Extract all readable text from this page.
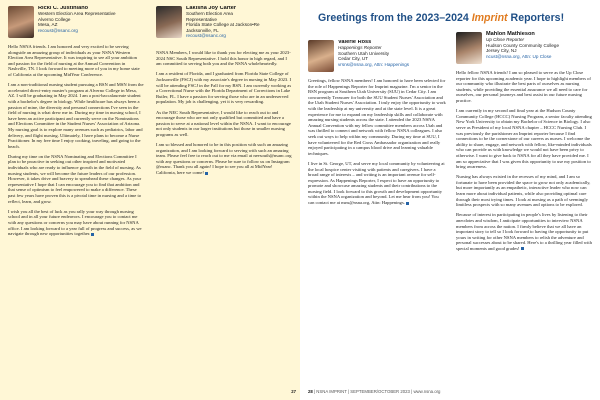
Ricki C. Justiniano
Western Election Area Representative
Alverno College
Mesa, AZ
recoust@nsanc.org

Hello NSNA friends. I am honored and very excited to be serving alongside an amazing group of individuals as your NSNA Western Election Area Representative. It was inspiring to see all your ambition and passion for the field of nursing at the Annual Convention in Nashville, TN. I look forward to meeting more of you in my home state of California at the upcoming MidYear Conference.

I am a non-traditional nursing student pursuing a BSN and MSN from the accelerated direct-entry master's program at Alverno College in Mesa, AZ. I will be graduating in May 2024. I am a post-baccalaureate student with a bachelor's degree in biology. While healthcare has always been a passion of mine, the diversity and personal connections I've seen in the field of nursing is what drew me in. During my time in nursing school, I have been an active participant and currently serve on the Nominations and Elections Committee in the Student Nurses' Association of Arizona. My nursing goal is to explore many avenues such as pediatrics, labor and delivery, and flight nursing. Ultimately, I have plans to become a Nurse Practitioner. In my free time I enjoy cooking, traveling, and going to the beach.

During my time on the NSNA Nominating and Elections Committee I plan to be proactive in seeking out other inspired and motivated individuals who are ready to influence growth in the field of nursing. As nursing students, we will become the future leaders of our profession. However, it takes drive and bravery to spearhead these changes. As your representative I hope that I can encourage you to find that ambition and that sense of optimism to feel empowered to make a difference. These past few years have proven this is a pivotal time in nursing and a time to reflect, learn, and grow.

I wish you all the best of luck as you rally your way through nursing school and in all your future endeavors. I encourage you to contact me with any questions or concerns you may have about running for NSNA office. I am looking forward to a year full of progress and success, as we navigate through new opportunities together.

Lakisha Joy Carter
Southern Election Area
Representative
Florida State College at Jackson•Re
Jacksonville, FL
recoust@nsanc.org

NSNA Members, I would like to thank you for electing me as your 2023-2024 NSC South Representative. I hold this honor in high regard, and I am committed to serving both you and the NSNA wholeheartedly.

I am a resident of Florida, and I graduated from Florida State College of Jacksonville (FSCJ) with my associate's degree in nursing in May 2023. I will be attending FSCJ in the Fall for my BSN. I am currently working as a Correctional Nurse with the Florida Department of Corrections in Lake Butler, FL. I have a passion for serving those who are in an underserved population. My job is challenging, yet it is very rewarding.

As the NEC South Representative, I would like to reach out to and encourage those who are not only qualified but committed and have a passion to serve at a national level within the NSNA. I want to encourage not only students in our larger institutions but those in smaller nursing programs as well.

I am so blessed and honored to be in this position with such an amazing organization, and I am looking forward to serving with such an amazing team. Please feel free to reach out to me via email at neesouth@nsanc.org with any questions or concerns. Please be sure to follow us on Instagram @nsanc. Thank you all again! I hope to see you all at MidYear! California, here we come!

27
Greetings from the 2023–2024 Imprint Reporters!
Valerie Ross
Happenings Reporter
Southern Utah University
Cedar City, UT
vrsns@nsna.org, Attn: Happenings

Greetings, fellow NSNA members! I am honored to have been selected for the role of Happenings Reporter for Imprint magazine. I'm a senior in the BSN program at Southern Utah University (SUU) in Cedar City. I am concurrently Treasurer for both the SUU Student Nurses' Association and the Utah Student Nurses' Association. I truly enjoy the opportunity to work with the leadership at my university and at the state level. It is a great experience for me to expand on my leadership skills and collaborate with amazing nursing students across the state. I attended the 2023 NSNA Annual Convention with my fellow committee members across Utah and was thrilled to connect and network with fellow NSNA colleagues. I also seek out ways to help within my community. During my time at SUU, I have volunteered for the Red Cross Ambassador organization and really enjoyed participating in a campus blood drive and learning valuable techniques.

I live in St. George, UT, and serve my local community by volunteering at the local hospice center visiting with patients and caregivers. I have a broad range of interests – and writing is an important avenue for self-expression. As Happenings Reporter, I expect to have an opportunity to promote and showcase amazing students and their contributions to the nursing field. I look forward to this growth and development opportunity within the NSNA organization and beyond. Let me hear from you! You can contact me at nsns@nsna.org, Attn: Happenings.

Mahlon Mathieson
Up Close Reporter
Hudson County Community College
Jersey City, NJ
ncust@nsna.org, Attn: Up Close

Hello fellow NSNA friends! I am so pleased to serve as the Up Close reporter for this upcoming academic year. I hope to highlight members of our community who illustrate the best parts of ourselves as nursing students, while providing the essential assurance we all need to care for ourselves, our personal journeys and best assist in our future nursing practice.

I am currently in my second and final year at the Hudson County Community College (HCCC) Nursing Program, a senior faculty attending New York University to obtain my Bachelor of Science in Biology. I also serve as President of my local NSNA chapter – HCCC Nursing Club. I was previously the parishioner an Imprint reporter because I find connections to be the cornerstone of our careers as nurses. I welcome the ability to share, engage, and network with fellow, like-minded individuals who can provide us with knowledge we would not have been privy to otherwise. I want to give back to NSNA for all they have provided me. I am so appreciative that I was given this opportunity to use my position to bring awareness.

Nursing has always existed in the recesses of my mind, and I am so fortunate to have been provided the space to grow not only academically, but more importantly as an empathetic, interactive leader who now can learn more about individual patients, while also providing optimal care through their most trying times. I look at nursing as a path of seemingly limitless prospects with so many avenues and options to be explored.

Because of interest in participating in people's lives by listening to their anecdotes and wisdom, I anticipate opportunities to interview NSNA members from across the nation. I firmly believe that we all have an important story to tell so I look forward to having the opportunity to put yours in writing for other NSNA members to relish the adventure and personal successes about to be shared. Here's to a thrilling year filled with special moments and good grades!

28 | NSNA IMPRINT | SEPTEMBER/OCTOBER 2023 | www.nsna.org
